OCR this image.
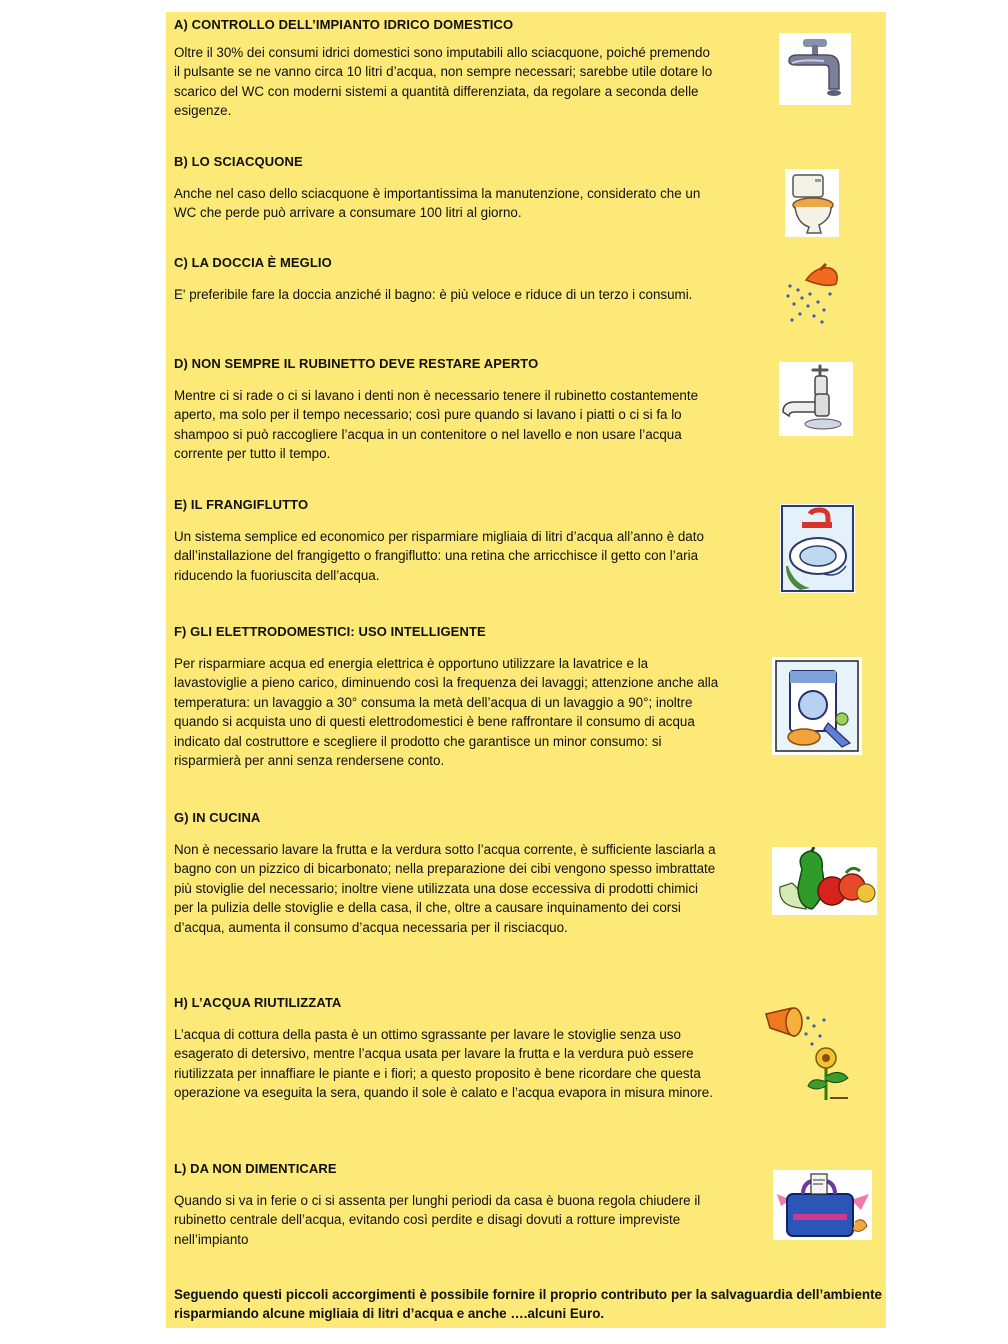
A) CONTROLLO DELL’IMPIANTO IDRICO DOMESTICO
Oltre il 30% dei consumi idrici domestici sono imputabili allo sciacquone, poiché premendo
il pulsante se ne vanno circa 10 litri d’acqua, non sempre necessari; sarebbe utile dotare lo
scarico del WC con moderni sistemi a quantità differenziata, da regolare a seconda delle
esigenze.
B) LO SCIACQUONE
Anche nel caso dello sciacquone è importantissima la manutenzione, considerato che un
WC che perde può arrivare a consumare 100 litri al giorno.
C) LA DOCCIA È MEGLIO
E' preferibile fare la doccia anziché il bagno: è più veloce e riduce di un terzo i consumi.
D) NON SEMPRE IL RUBINETTO DEVE RESTARE APERTO
Mentre ci si rade o ci si lavano i denti non è necessario tenere il rubinetto costantemente
aperto, ma solo per il tempo necessario; così pure quando si lavano i piatti o ci si fa lo
shampoo si può raccogliere l’acqua in un contenitore o nel lavello e non usare l’acqua
corrente per tutto il tempo.
E) IL FRANGIFLUTTO
Un sistema semplice ed economico per risparmiare migliaia di litri d’acqua all’anno è dato
dall’installazione del frangigetto o frangiflutto: una retina che arricchisce il getto con l’aria
riducendo la fuoriuscita dell’acqua.
F) GLI ELETTRODOMESTICI: USO INTELLIGENTE
Per risparmiare acqua ed energia elettrica è opportuno utilizzare la lavatrice e la
lavastoviglie a pieno carico, diminuendo così la frequenza dei lavaggi; attenzione anche alla
temperatura: un lavaggio a 30° consuma la metà dell’acqua di un lavaggio a 90°; inoltre
quando si acquista uno di questi elettrodomestici è bene raffrontare il consumo di acqua
indicato dal costruttore e scegliere il prodotto che garantisce un minor consumo: si
risparmierà per anni senza rendersene conto.
G) IN CUCINA
Non è necessario lavare la frutta e la verdura sotto l’acqua corrente, è sufficiente lasciarla a
bagno con un pizzico di bicarbonato; nella preparazione dei cibi vengono spesso imbrattate
più stoviglie del necessario; inoltre viene utilizzata una dose eccessiva di prodotti chimici
per la pulizia delle stoviglie e della casa, il che, oltre a causare inquinamento dei corsi
d’acqua, aumenta il consumo d’acqua necessaria per il risciacquo.
H) L’ACQUA RIUTILIZZATA
L’acqua di cottura della pasta è un ottimo sgrassante per lavare le stoviglie senza uso
esagerato di detersivo, mentre l’acqua usata per lavare la frutta e la verdura può essere
riutilizzata per innaffiare le piante e i fiori; a questo proposito è bene ricordare che questa
operazione va eseguita la sera, quando il sole è calato e l’acqua evapora in misura minore.
L) DA NON DIMENTICARE
Quando si va in ferie o ci si assenta per lunghi periodi da casa è buona regola chiudere il
rubinetto centrale dell’acqua, evitando così perdite e disagi dovuti a rotture impreviste
nell’impianto
Seguendo questi piccoli accorgimenti è possibile fornire il proprio contributo per la salvaguardia dell’ambiente risparmiando alcune migliaia di litri d’acqua e anche ….alcuni Euro.
